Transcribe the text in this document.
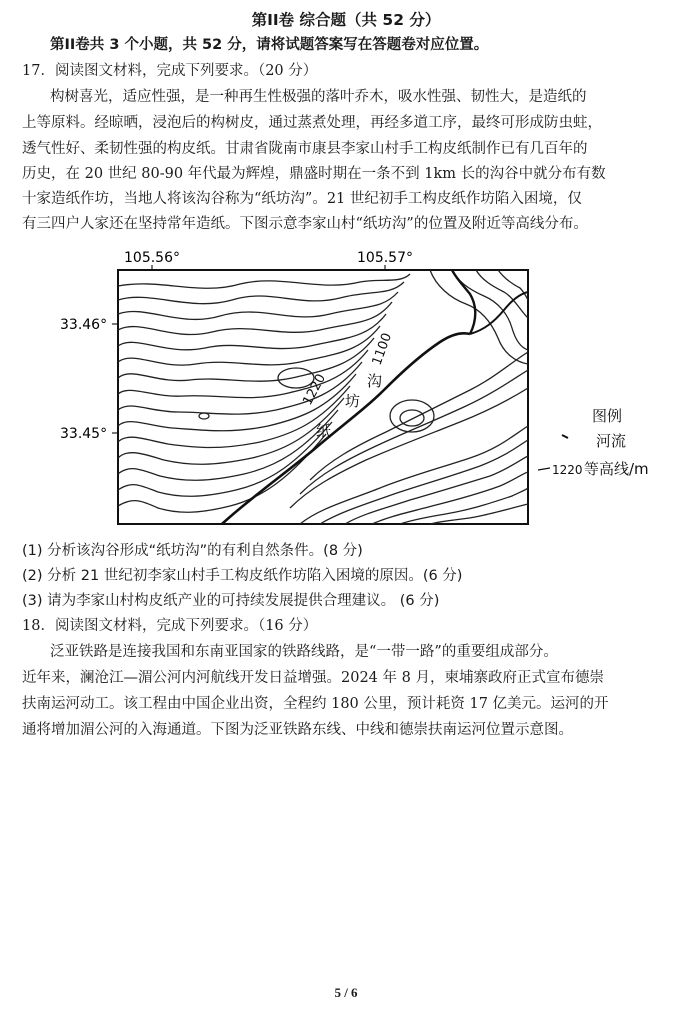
第II卷 综合题（共 52 分）
第II卷共 3 个小题，共 52 分，请将试题答案写在答题卷对应位置。
17．阅读图文材料，完成下列要求。（20 分）
构树喜光，适应性强，是一种再生性极强的落叶乔木，吸水性强、韧性大，是造纸的
上等原料。经晾晒，浸泡后的构树皮，通过蒸煮处理，再经多道工序，最终可形成防虫蛀，
透气性好、柔韧性强的构皮纸。甘肃省陇南市康县李家山村手工构皮纸制作已有几百年的
历史，在 20 世纪 80-90 年代最为辉煌，鼎盛时期在一条不到 1km 长的沟谷中就分布有数
十家造纸作坊，当地人将该沟谷称为“纸坊沟”。21 世纪初手工构皮纸作坊陷入困境，仅
有三四户人家还在坚持常年造纸。下图示意李家山村“纸坊沟”的位置及附近等高线分布。
105.56°	105.57°
33.46°
33.45°
1220
1100
沟
坊
纸
图例
河流
1220 等高线/m
(1) 分析该沟谷形成“纸坊沟”的有利自然条件。(8 分)
(2) 分析 21 世纪初李家山村手工构皮纸作坊陷入困境的原因。(6 分)
(3) 请为李家山村构皮纸产业的可持续发展提供合理建议。 (6 分)
18．阅读图文材料，完成下列要求。（16 分）
泛亚铁路是连接我国和东南亚国家的铁路线路，是“一带一路”的重要组成部分。
近年来，澜沧江—湄公河内河航线开发日益增强。2024 年 8 月，柬埔寨政府正式宣布德崇
扶南运河动工。该工程由中国企业出资，全程约 180 公里，预计耗资 17 亿美元。运河的开
通将增加湄公河的入海通道。下图为泛亚铁路东线、中线和德崇扶南运河位置示意图。
5 / 6
